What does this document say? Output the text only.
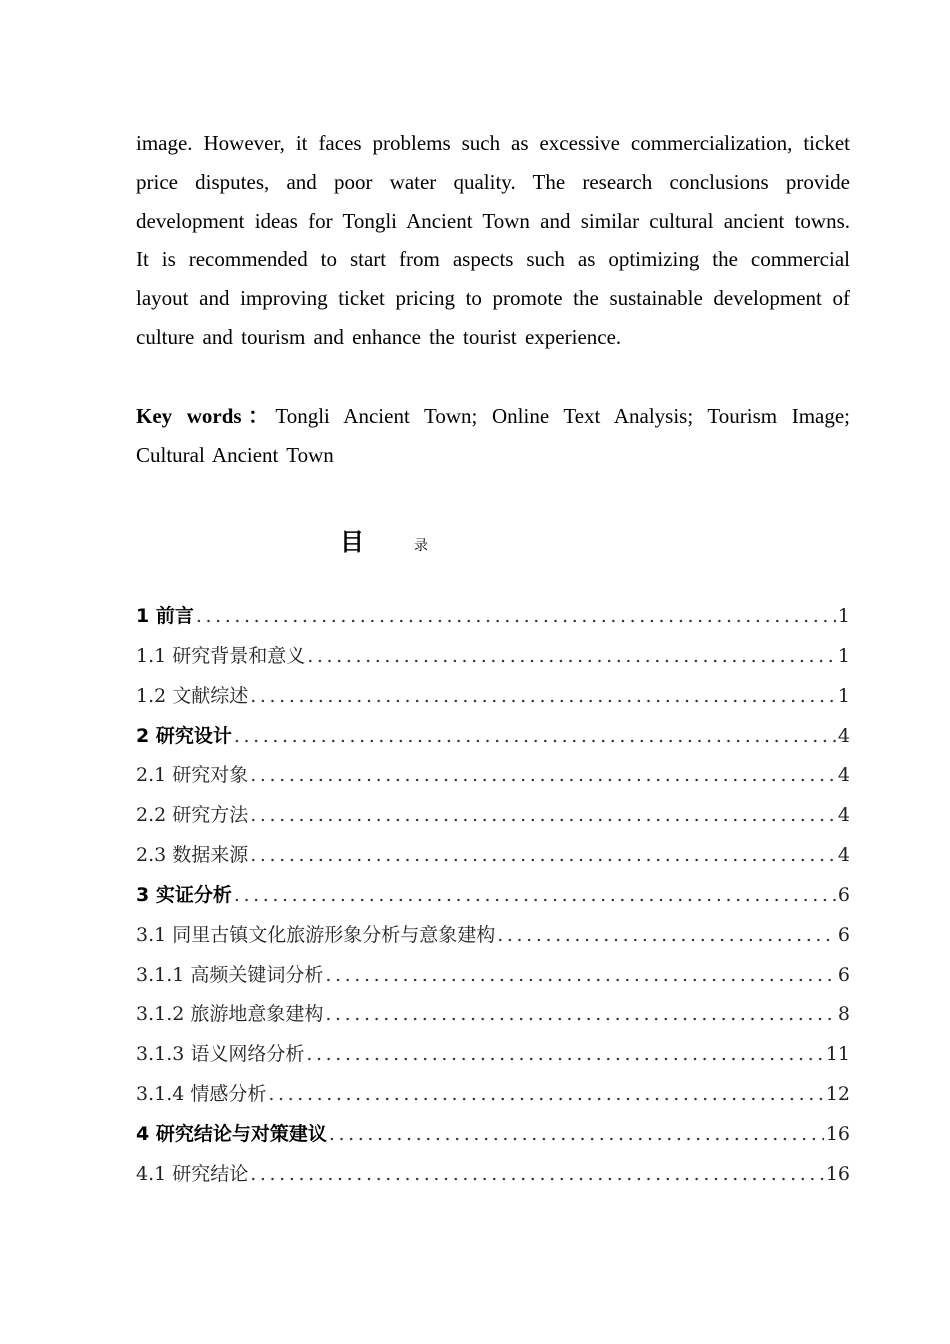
image. However, it faces problems such as excessive commercialization, ticket price disputes, and poor water quality. The research conclusions provide development ideas for Tongli Ancient Town and similar cultural ancient towns. It is recommended to start from aspects such as optimizing the commercial layout and improving ticket pricing to promote the sustainable development of culture and tourism and enhance the tourist experience.

Key words：Tongli Ancient Town; Online Text Analysis; Tourism Image; Cultural Ancient Town

目	录
1 前言 .....	1
1.1 研究背景和意义 .....	1
1.2 文献综述 .....	1
2 研究设计 .....	4
2.1 研究对象 .....	4
2.2 研究方法 .....	4
2.3 数据来源 .....	4
3 实证分析 .....	6
3.1 同里古镇文化旅游形象分析与意象建构 .....	6
3.1.1 高频关键词分析 .....	6
3.1.2 旅游地意象建构 .....	8
3.1.3 语义网络分析 .....	11
3.1.4 情感分析 .....	12
4 研究结论与对策建议 .....	16
4.1 研究结论 .....	16
